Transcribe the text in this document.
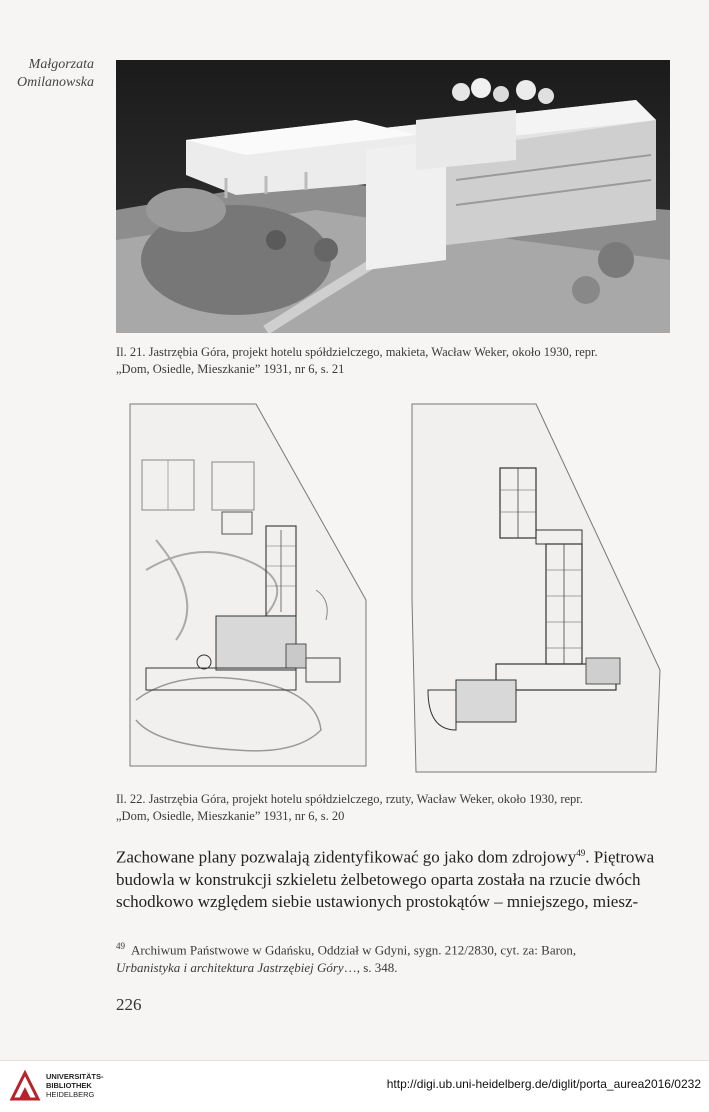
Małgorzata
Omilanowska
Il. 21. Jastrzębia Góra, projekt hotelu spółdzielczego, makieta, Wacław Weker, około 1930, repr.
„Dom, Osiedle, Mieszkanie” 1931, nr 6, s. 21
Il. 22. Jastrzębia Góra, projekt hotelu spółdzielczego, rzuty, Wacław Weker, około 1930, repr.
„Dom, Osiedle, Mieszkanie” 1931, nr 6, s. 20
Zachowane plany pozwalają zidentyfikować go jako dom zdrojowy$^{49}$. Piętrowa
budowla w konstrukcji szkieletu żelbetowego oparta została na rzucie dwóch
schodkowo względem siebie ustawionych prostokątów – mniejszego, miesz-
$^{49}$ Archiwum Państwowe w Gdańsku, Oddział w Gdyni, sygn. 212/2830, cyt. za: Baron,
Urbanistyka i architektura Jastrzębiej Góry…, s. 348.
226
UNIVERSITÄTS-
BIBLIOTHEK
HEIDELBERG
http://digi.ub.uni-heidelberg.de/diglit/porta_aurea2016/0232
